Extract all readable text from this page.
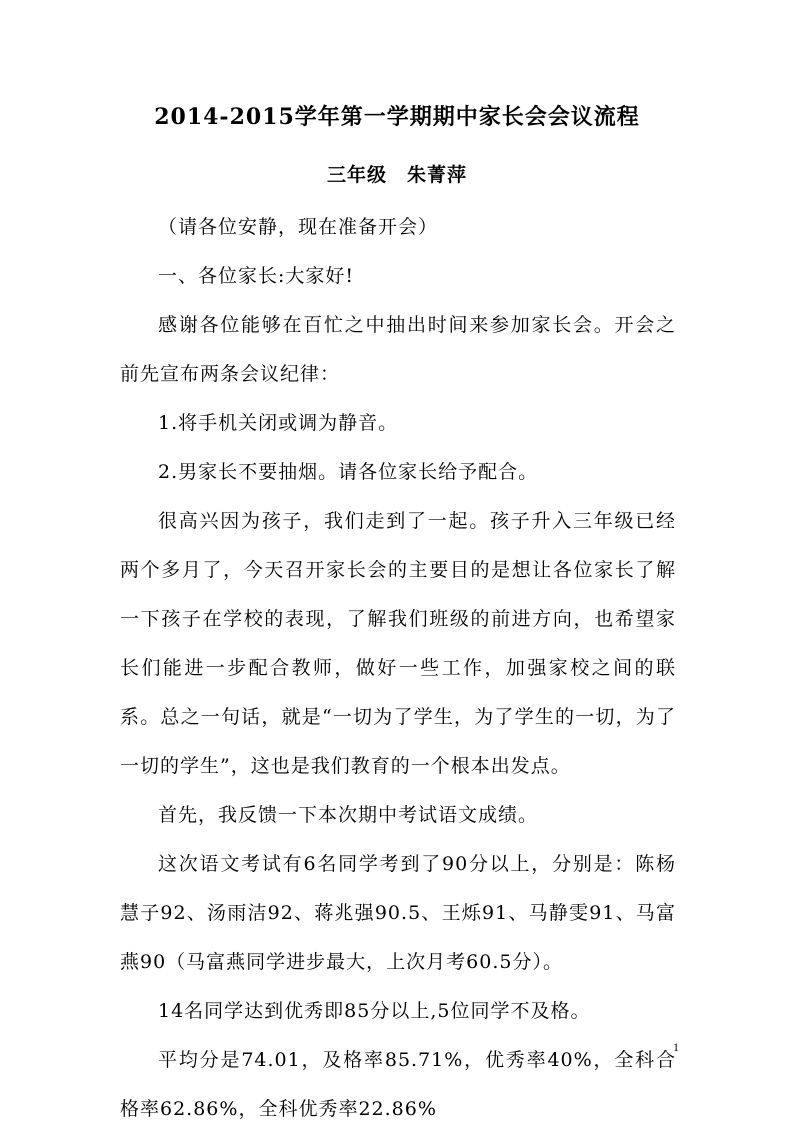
2014-2015学年第一学期期中家长会会议流程
三年级　朱菁萍

（请各位安静，现在准备开会）

一、各位家长:大家好!

感谢各位能够在百忙之中抽出时间来参加家长会。开会之前先宣布两条会议纪律：

1.将手机关闭或调为静音。

2.男家长不要抽烟。请各位家长给予配合。

很高兴因为孩子，我们走到了一起。孩子升入三年级已经两个多月了，今天召开家长会的主要目的是想让各位家长了解一下孩子在学校的表现，了解我们班级的前进方向，也希望家长们能进一步配合教师，做好一些工作，加强家校之间的联系。总之一句话，就是“一切为了学生，为了学生的一切，为了一切的学生”，这也是我们教育的一个根本出发点。

首先，我反馈一下本次期中考试语文成绩。

这次语文考试有6名同学考到了90分以上，分别是：陈杨慧子92、汤雨洁92、蒋兆强90.5、王烁91、马静雯91、马富燕90（马富燕同学进步最大，上次月考60.5分）。

14名同学达到优秀即85分以上,5位同学不及格。

平均分是74.01，及格率85.71%，优秀率40%，全科合格率62.86%，全科优秀率22.86%

1
